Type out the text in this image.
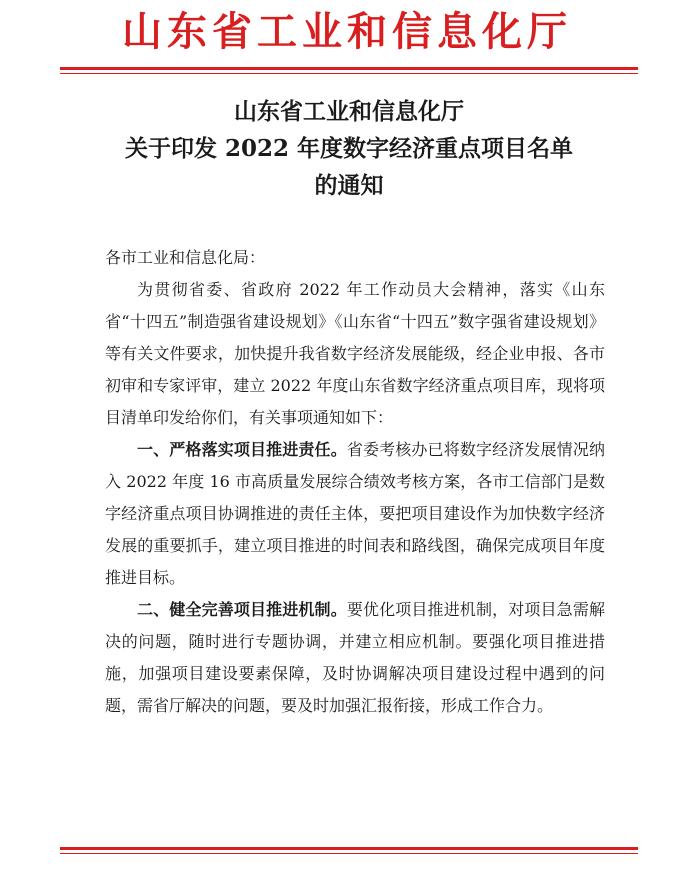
山东省工业和信息化厅
山东省工业和信息化厅
关于印发 2022 年度数字经济重点项目名单
的通知

各市工业和信息化局：

为贯彻省委、省政府 2022 年工作动员大会精神，落实《山东省“十四五”制造强省建设规划》《山东省“十四五”数字强省建设规划》等有关文件要求，加快提升我省数字经济发展能级，经企业申报、各市初审和专家评审，建立 2022 年度山东省数字经济重点项目库，现将项目清单印发给你们，有关事项通知如下：

一、严格落实项目推进责任。省委考核办已将数字经济发展情况纳入 2022 年度 16 市高质量发展综合绩效考核方案，各市工信部门是数字经济重点项目协调推进的责任主体，要把项目建设作为加快数字经济发展的重要抓手，建立项目推进的时间表和路线图，确保完成项目年度推进目标。

二、健全完善项目推进机制。要优化项目推进机制，对项目急需解决的问题，随时进行专题协调，并建立相应机制。要强化项目推进措施，加强项目建设要素保障，及时协调解决项目建设过程中遇到的问题，需省厅解决的问题，要及时加强汇报衔接，形成工作合力。
